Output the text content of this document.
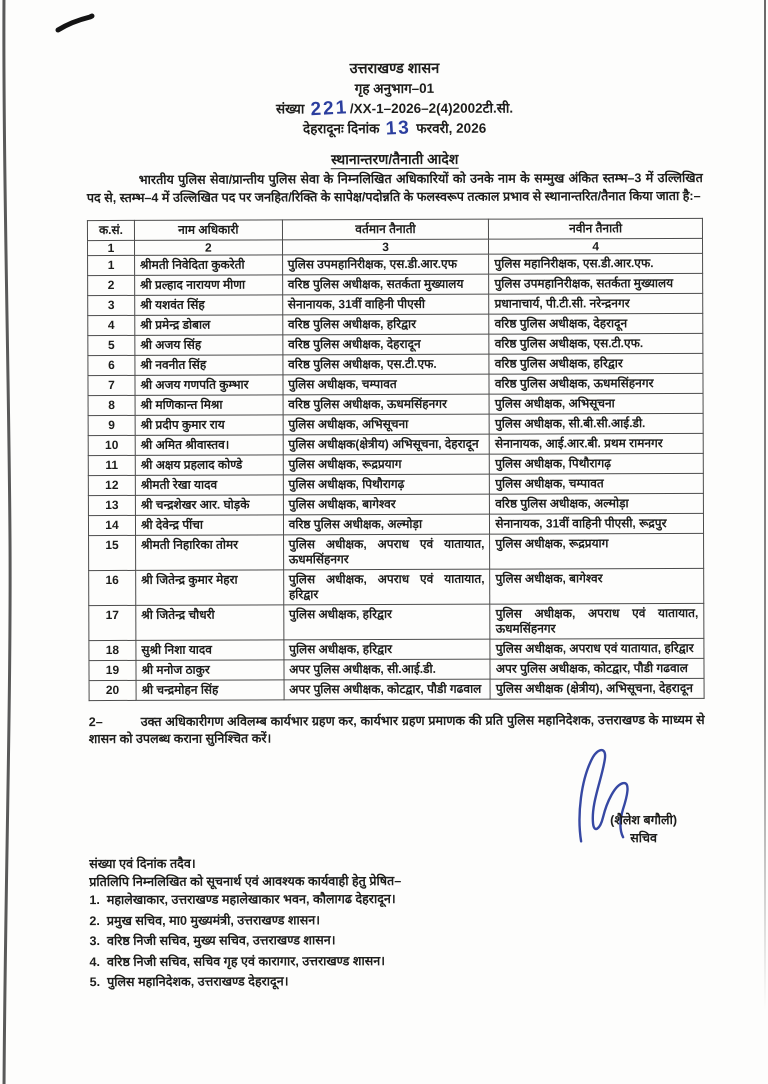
उत्तराखण्ड शासन
गृह अनुभाग–01
संख्या 221/XX-1–2026–2(4)2002टी.सी.
देहरादूनः दिनांक 13 फरवरी, 2026
स्थानान्तरण/तैनाती आदेश

भारतीय पुलिस सेवा/प्रान्तीय पुलिस सेवा के निम्नलिखित अधिकारियों को उनके नाम के सम्मुख अंकित स्तम्भ–3 में उल्लिखित पद से, स्तम्भ–4 में उल्लिखित पद पर जनहित/रिक्ति के सापेक्ष/पदोन्नति के फलस्वरूप तत्काल प्रभाव से स्थानान्तरित/तैनात किया जाता है:–

क.सं.	नाम अधिकारी	वर्तमान तैनाती	नवीन तैनाती
1	2	3	4
1	श्रीमती निवेदिता कुकरेती	पुलिस उपमहानिरीक्षक, एस.डी.आर.एफ	पुलिस महानिरीक्षक, एस.डी.आर.एफ.
2	श्री प्रल्हाद नारायण मीणा	वरिष्ठ पुलिस अधीक्षक, सतर्कता मुख्यालय	पुलिस उपमहानिरीक्षक, सतर्कता मुख्यालय
3	श्री यशवंत सिंह	सेनानायक, 31वीं वाहिनी पीएसी	प्रधानाचार्य, पी.टी.सी. नरेन्द्रनगर
4	श्री प्रमेन्द्र डोबाल	वरिष्ठ पुलिस अधीक्षक, हरिद्वार	वरिष्ठ पुलिस अधीक्षक, देहरादून
5	श्री अजय सिंह	वरिष्ठ पुलिस अधीक्षक, देहरादून	वरिष्ठ पुलिस अधीक्षक, एस.टी.एफ.
6	श्री नवनीत सिंह	वरिष्ठ पुलिस अधीक्षक, एस.टी.एफ.	वरिष्ठ पुलिस अधीक्षक, हरिद्वार
7	श्री अजय गणपति कुम्भार	पुलिस अधीक्षक, चम्पावत	वरिष्ठ पुलिस अधीक्षक, ऊधमसिंहनगर
8	श्री मणिकान्त मिश्रा	वरिष्ठ पुलिस अधीक्षक, ऊधमसिंहनगर	पुलिस अधीक्षक, अभिसूचना
9	श्री प्रदीप कुमार राय	पुलिस अधीक्षक, अभिसूचना	पुलिस अधीक्षक, सी.बी.सी.आई.डी.
10	श्री अमित श्रीवास्तव।	पुलिस अधीक्षक(क्षेत्रीय) अभिसूचना, देहरादून	सेनानायक, आई.आर.बी. प्रथम रामनगर
11	श्री अक्षय प्रहलाद कोण्डे	पुलिस अधीक्षक, रूद्रप्रयाग	पुलिस अधीक्षक, पिथौरागढ़
12	श्रीमती रेखा यादव	पुलिस अधीक्षक, पिथौरागढ़	पुलिस अधीक्षक, चम्पावत
13	श्री चन्द्रशेखर आर. घोड़के	पुलिस अधीक्षक, बागेश्वर	वरिष्ठ पुलिस अधीक्षक, अल्मोड़ा
14	श्री देवेन्द्र पींचा	वरिष्ठ पुलिस अधीक्षक, अल्मोड़ा	सेनानायक, 31वीं वाहिनी पीएसी, रूद्रपुर
15	श्रीमती निहारिका तोमर	पुलिस अधीक्षक, अपराध एवं यातायात, ऊधमसिंहनगर	पुलिस अधीक्षक, रूद्रप्रयाग
16	श्री जितेन्द्र कुमार मेहरा	पुलिस अधीक्षक, अपराध एवं यातायात, हरिद्वार	पुलिस अधीक्षक, बागेश्वर
17	श्री जितेन्द्र चौधरी	पुलिस अधीक्षक, हरिद्वार	पुलिस अधीक्षक, अपराध एवं यातायात, ऊधमसिंहनगर
18	सुश्री निशा यादव	पुलिस अधीक्षक, हरिद्वार	पुलिस अधीक्षक, अपराध एवं यातायात, हरिद्वार
19	श्री मनोज ठाकुर	अपर पुलिस अधीक्षक, सी.आई.डी.	अपर पुलिस अधीक्षक, कोटद्वार, पौडी गढवाल
20	श्री चन्द्रमोहन सिंह	अपर पुलिस अधीक्षक, कोटद्वार, पौडी गढवाल	पुलिस अधीक्षक (क्षेत्रीय), अभिसूचना, देहरादून

2–	उक्त अधिकारीगण अविलम्ब कार्यभार ग्रहण कर, कार्यभार ग्रहण प्रमाणक की प्रति पुलिस महानिदेशक, उत्तराखण्ड के माध्यम से शासन को उपलब्ध कराना सुनिश्चित करें।

(शैलेश बगौली)
सचिव
संख्या एवं दिनांक तदैव।
प्रतिलिपि निम्नलिखित को सूचनार्थ एवं आवश्यक कार्यवाही हेतु प्रेषित–
1. महालेखाकार, उत्तराखण्ड महालेखाकार भवन, कौलागढ देहरादून।
2. प्रमुख सचिव, मा0 मुख्यमंत्री, उत्तराखण्ड शासन।
3. वरिष्ठ निजी सचिव, मुख्य सचिव, उत्तराखण्ड शासन।
4. वरिष्ठ निजी सचिव, सचिव गृह एवं कारागार, उत्तराखण्ड शासन।
5. पुलिस महानिदेशक, उत्तराखण्ड देहरादून।
